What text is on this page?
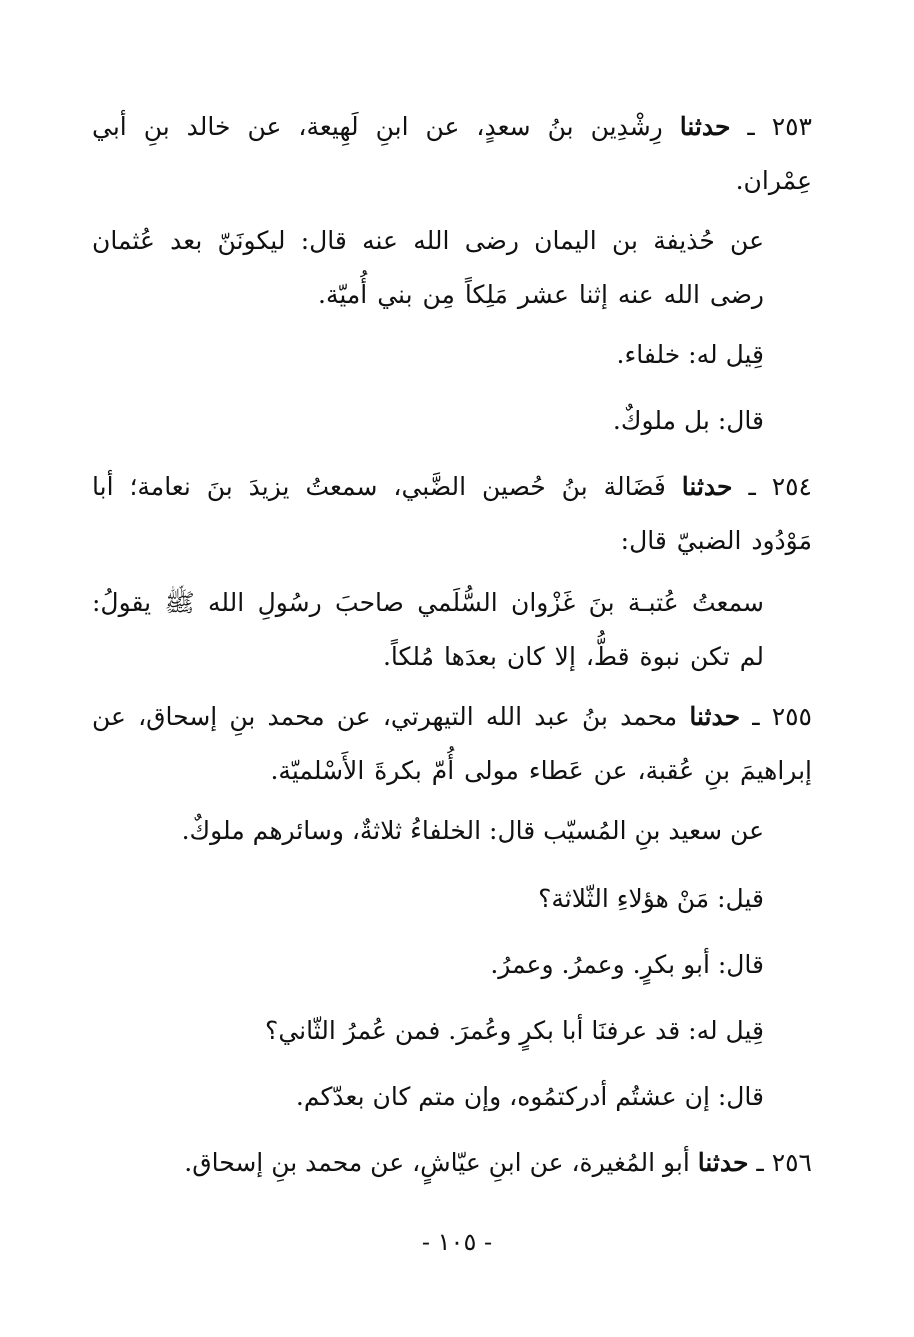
٢٥٣ ـ حدثنا رِشْدِين بنُ سعدٍ، عن ابنِ لَهِيعة، عن خالد بنِ أبي عِمْران.
عن حُذيفة بن اليمان رضى الله عنه قال: ليكونَنّ بعد عُثمان رضى الله عنه إثنا عشر مَلِكاً مِن بني أُميّة.
قِيل له: خلفاء.
قال: بل ملوكٌ.
٢٥٤ ـ حدثنا فَضَالة بنُ حُصين الضَّبي، سمعتُ يزيدَ بنَ نعامة؛ أبا مَوْدُود الضبيّ قال:
سمعتُ عُتبـة بنَ غَزْوان السُّلَمي صاحبَ رسُولِ الله ﷺ يقولُ: لم تكن نبوة قطُّ، إلا كان بعدَها مُلكاً.
٢٥٥ ـ حدثنا محمد بنُ عبد الله التيهرتي، عن محمد بنِ إسحاق، عن إبراهيمَ بنِ عُقبة، عن عَطاء مولى أُمّ بكرةَ الأَسْلميّة.
عن سعيد بنِ المُسيّب قال: الخلفاءُ ثلاثةٌ، وسائرهم ملوكٌ.
قيل: مَنْ هؤلاءِ الثّلاثة؟
قال: أبو بكرٍ. وعمرُ. وعمرُ.
قِيل له: قد عرفنَا أبا بكرٍ وعُمرَ. فمن عُمرُ الثّاني؟
قال: إن عشتُم أدركتمُوه، وإن متم كان بعدّكم.
٢٥٦ ـ حدثنا أبو المُغيرة، عن ابنِ عيّاشٍ، عن محمد بنِ إسحاق.
- ١٠٥ -
